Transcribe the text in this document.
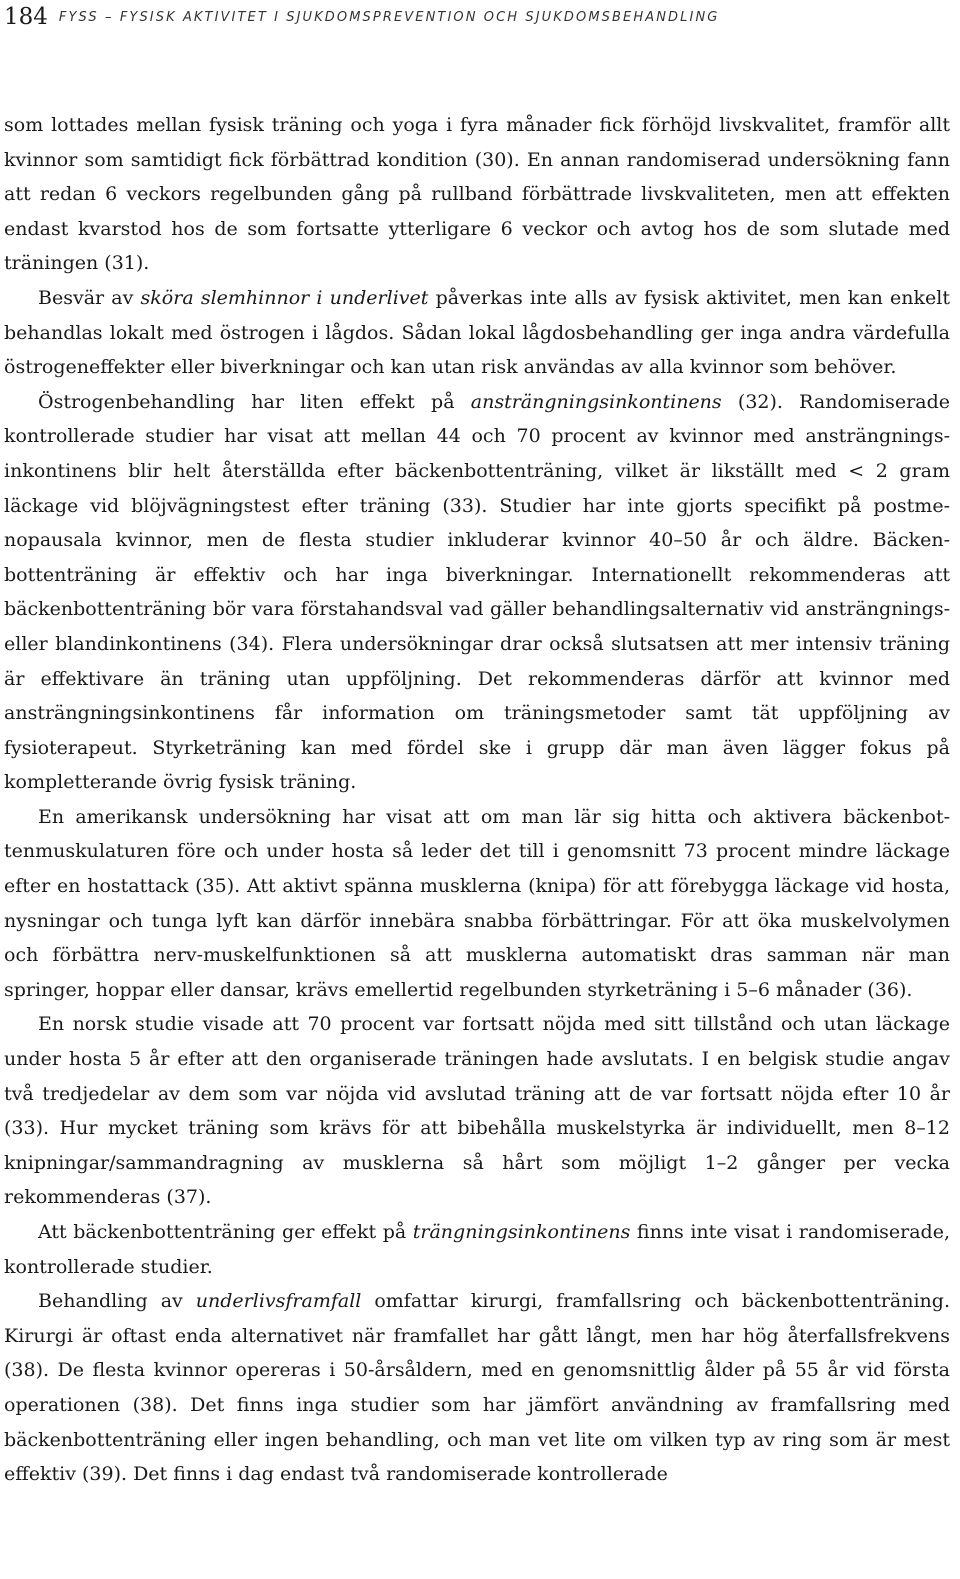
184 FYSS – FYSISK AKTIVITET I SJUKDOMSPREVENTION OCH SJUKDOMSBEHANDLING

som lottades mellan fysisk träning och yoga i fyra månader fick förhöjd livskvalitet, framför allt kvinnor som samtidigt fick förbättrad kondition (30). En annan randomiserad undersökning fann att redan 6 veckors regelbunden gång på rullband förbättrade livskvaliteten, men att effekten endast kvarstod hos de som fortsatte ytterligare 6 veckor och avtog hos de som slutade med träningen (31).

Besvär av sköra slemhinnor i underlivet påverkas inte alls av fysisk aktivitet, men kan enkelt behandlas lokalt med östrogen i lågdos. Sådan lokal lågdosbehandling ger inga andra värdefulla östrogeneffekter eller biverkningar och kan utan risk användas av alla kvinnor som behöver.

Östrogenbehandling har liten effekt på ansträngningsinkontinens (32). Randomiserade kontrollerade studier har visat att mellan 44 och 70 procent av kvinnor med ansträngningsinkontinens blir helt återställda efter bäckenbottenträning, vilket är likställt med < 2 gram läckage vid blöjvägningstest efter träning (33). Studier har inte gjorts specifikt på postmenopausala kvinnor, men de flesta studier inkluderar kvinnor 40–50 år och äldre. Bäckenbottenträning är effektiv och har inga biverkningar. Internationellt rekommenderas att bäckenbottenträning bör vara förstahandsval vad gäller behandlingsalternativ vid ansträngnings- eller blandinkontinens (34). Flera undersökningar drar också slutsatsen att mer intensiv träning är effektivare än träning utan uppföljning. Det rekommenderas därför att kvinnor med ansträngningsinkontinens får information om träningsmetoder samt tät uppföljning av fysioterapeut. Styrketräning kan med fördel ske i grupp där man även lägger fokus på kompletterande övrig fysisk träning.

En amerikansk undersökning har visat att om man lär sig hitta och aktivera bäckenbottenmuskulaturen före och under hosta så leder det till i genomsnitt 73 procent mindre läckage efter en hostattack (35). Att aktivt spänna musklerna (knipa) för att förebygga läckage vid hosta, nysningar och tunga lyft kan därför innebära snabba förbättringar. För att öka muskelvolymen och förbättra nerv-muskelfunktionen så att musklerna automatiskt dras samman när man springer, hoppar eller dansar, krävs emellertid regelbunden styrketräning i 5–6 månader (36).

En norsk studie visade att 70 procent var fortsatt nöjda med sitt tillstånd och utan läckage under hosta 5 år efter att den organiserade träningen hade avslutats. I en belgisk studie angav två tredjedelar av dem som var nöjda vid avslutad träning att de var fortsatt nöjda efter 10 år (33). Hur mycket träning som krävs för att bibehålla muskelstyrka är individuellt, men 8–12 knipningar/sammandragning av musklerna så hårt som möjligt 1–2 gånger per vecka rekommenderas (37).

Att bäckenbottenträning ger effekt på trängningsinkontinens finns inte visat i randomiserade, kontrollerade studier.

Behandling av underlivsframfall omfattar kirurgi, framfallsring och bäckenbottenträning. Kirurgi är oftast enda alternativet när framfallet har gått långt, men har hög återfallsfrekvens (38). De flesta kvinnor opereras i 50-årsåldern, med en genomsnittlig ålder på 55 år vid första operationen (38). Det finns inga studier som har jämfört användning av framfallsring med bäckenbottenträning eller ingen behandling, och man vet lite om vilken typ av ring som är mest effektiv (39). Det finns i dag endast två randomiserade kontrollerade
